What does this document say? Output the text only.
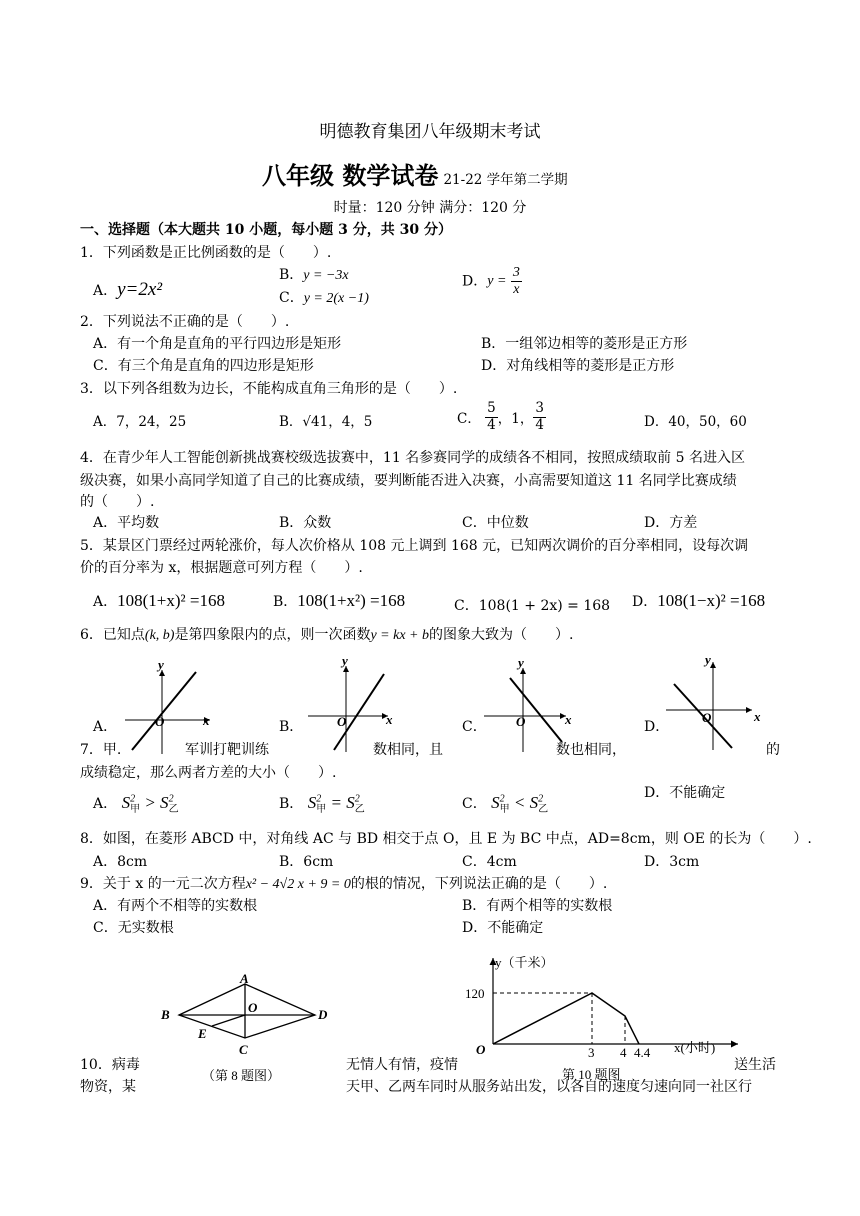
明德教育集团八年级期末考试
八年级 数学试卷 21-22 学年第二学期
时量：120 分钟 满分：120 分
一、选择题（本大题共 10 小题，每小题 3 分，共 30 分）
1．下列函数是正比例函数的是（　　）.
A．y=2x²
B．y = −3x
C．y = 2(x −1)
D．$y = \frac{3}{x}$
2．下列说法不正确的是（　　）.
A．有一个角是直角的平行四边形是矩形	B．一组邻边相等的菱形是正方形
C．有三个角是直角的四边形是矩形	D．对角线相等的菱形是正方形
3．以下列各组数为边长，不能构成直角三角形的是（　　）.
A．7，24，25	B．√41，4，5	C． $\frac{5}{4}$ ，1， $\frac{3}{4}$	D．40，50，60
4．在青少年人工智能创新挑战赛校级选拔赛中，11 名参赛同学的成绩各不相同，按照成绩取前 5 名进入区
级决赛，如果小高同学知道了自己的比赛成绩，要判断能否进入决赛，小高需要知道这 11 名同学比赛成绩
的（　　）.
A．平均数	B．众数	C．中位数	D．方差
5．某景区门票经过两轮涨价，每人次价格从 108 元上调到 168 元，已知两次调价的百分率相同，设每次调
价的百分率为 x，根据题意可列方程（　　）.
A．108(1+x)² =168	B．108(1+x²) =168	C．108(1 + 2x) = 168 D．108(1−x)² =168
6．已知点(k, b)是第四象限内的点，则一次函数y = kx + b的图象大致为（　　）.
y
x
O
y
x
O
y
x
O
y
x
O
A．	B．	C．	D．
7．甲.	军训打靶训练	数相同，且	数也相同，	的
成绩稳定，那么两者方差的大小（　　）.
A． $S^2_甲 > S^2_乙$	B． $S^2_甲 = S^2_乙$	C． $S^2_甲 < S^2_乙$
D．不能确定
8．如图，在菱形 ABCD 中，对角线 AC 与 BD 相交于点 O，且 E 为 BC 中点，AD=8cm，则 OE 的长为（　　）.
A．8cm	B．6cm	C．4cm	D．3cm
9．关于 x 的一元二次方程x² − 4√2 x + 9 = 0的根的情况，下列说法正确的是（　　）.
A．有两个不相等的实数根	B．有两个相等的实数根
C．无实数根	D．不能确定
A
B	D
C
O
E
（第 8 题图）
y（千米）
120
O	3 4 4.4 x(小时)
第 10 题图
10．病毒	无情人有情，疫情	送生活
物资，某	天甲、乙两车同时从服务站出发，以各自的速度匀速向同一社区行
